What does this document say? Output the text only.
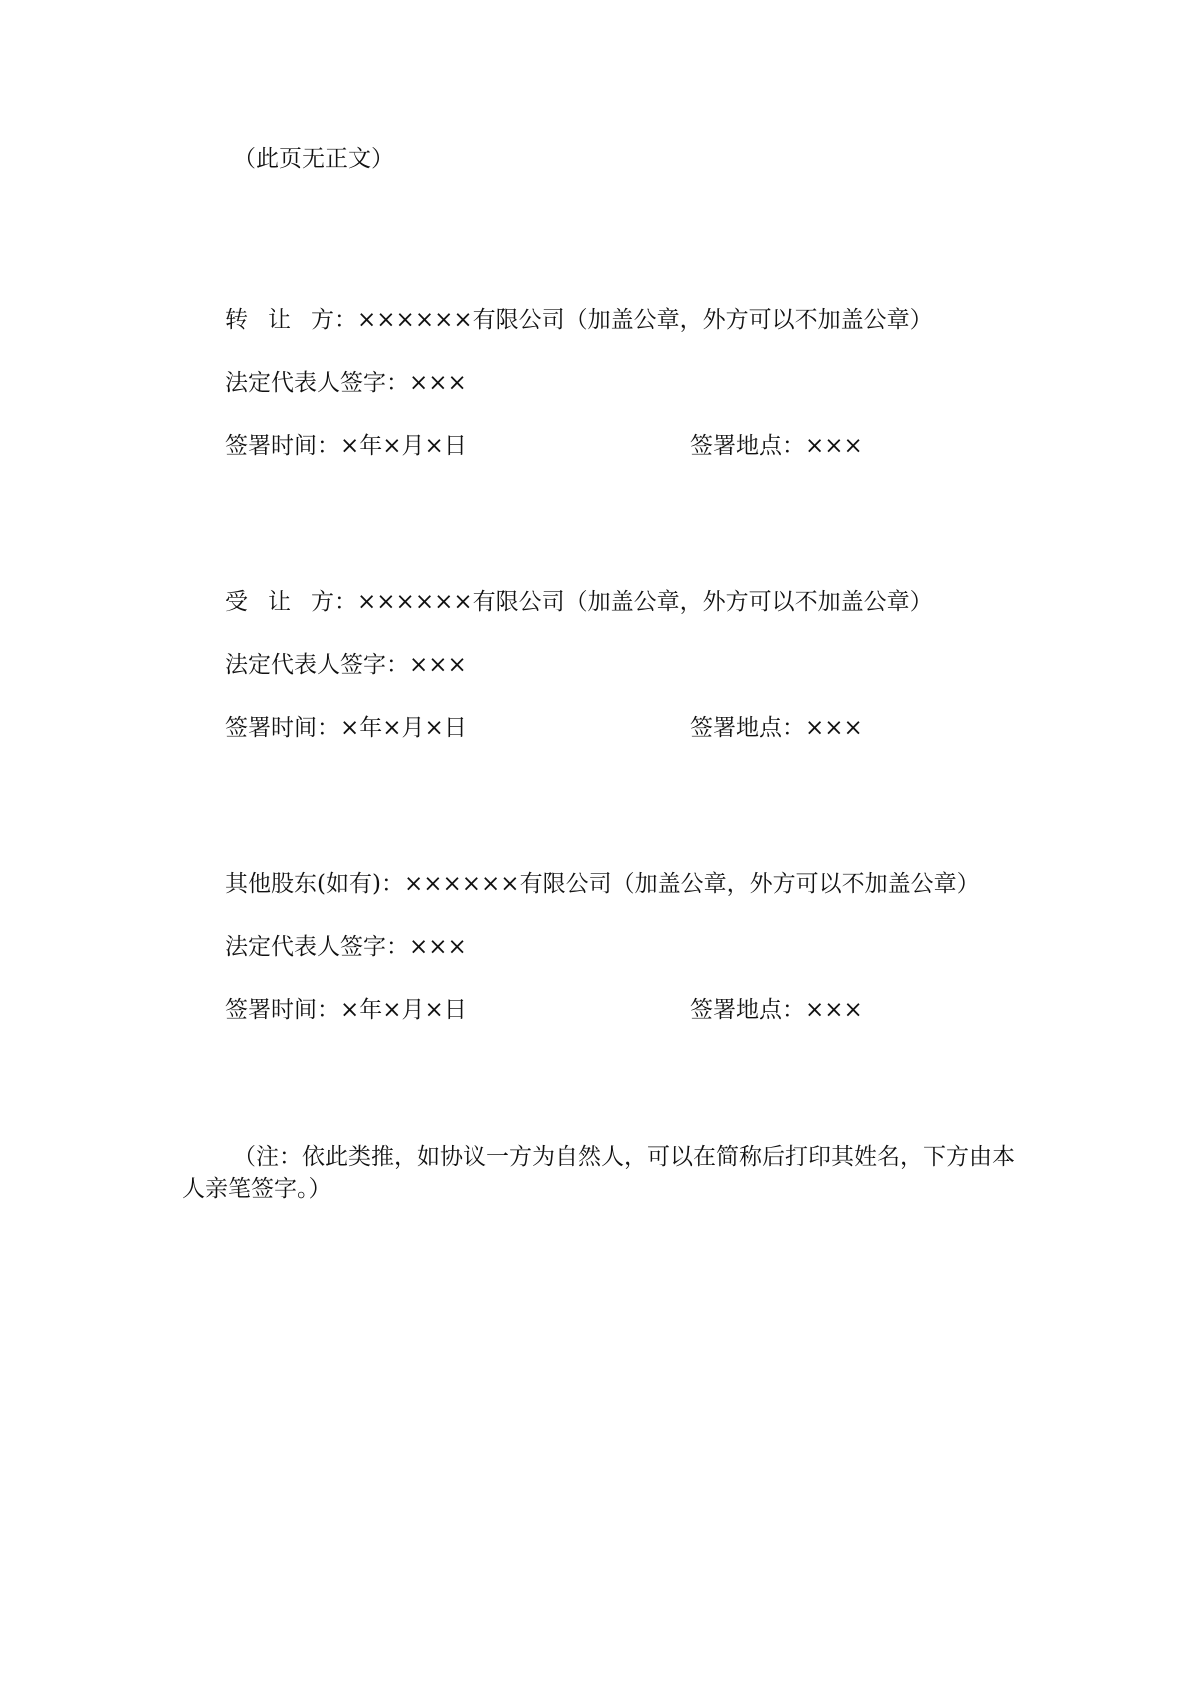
（此页无正文）
转 让 方：××××××有限公司（加盖公章，外方可以不加盖公章）
法定代表人签字：×××
签署时间：×年×月×日	签署地点：×××
受 让 方：××××××有限公司（加盖公章，外方可以不加盖公章）
法定代表人签字：×××
签署时间：×年×月×日	签署地点：×××
其他股东(如有)：××××××有限公司（加盖公章，外方可以不加盖公章）
法定代表人签字：×××
签署时间：×年×月×日	签署地点：×××
（注：依此类推，如协议一方为自然人，可以在简称后打印其姓名，下方由本
人亲笔签字。）
